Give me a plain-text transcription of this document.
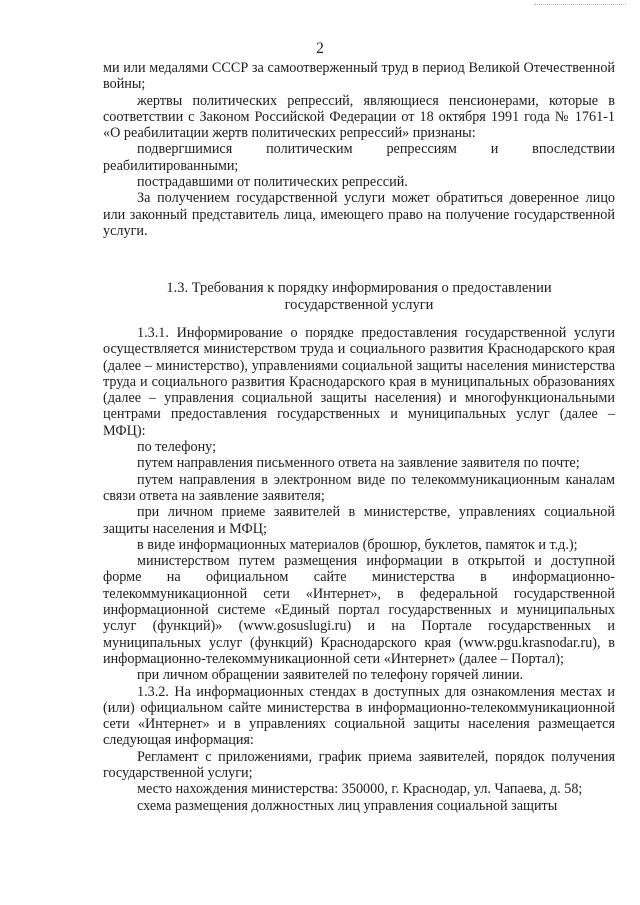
2

ми или медалями СССР за самоотверженный труд в период Великой Отечественной войны;

жертвы политических репрессий, являющиеся пенсионерами, которые в соответствии с Законом Российской Федерации от 18 октября 1991 года № 1761-1 «О реабилитации жертв политических репрессий» признаны:

подвергшимися политическим репрессиям и впоследствии реабилитированными;

пострадавшими от политических репрессий.

За получением государственной услуги может обратиться доверенное лицо или законный представитель лица, имеющего право на получение государственной услуги.

1.3. Требования к порядку информирования о предоставлении
государственной услуги

1.3.1. Информирование о порядке предоставления государственной услуги осуществляется министерством труда и социального развития Краснодарского края (далее – министерство), управлениями социальной защиты населения министерства труда и социального развития Краснодарского края в муниципальных образованиях (далее – управления социальной защиты населения) и многофункциональными центрами предоставления государственных и муниципальных услуг (далее – МФЦ):

по телефону;

путем направления письменного ответа на заявление заявителя по почте;

путем направления в электронном виде по телекоммуникационным каналам связи ответа на заявление заявителя;

при личном приеме заявителей в министерстве, управлениях социальной защиты населения и МФЦ;

в виде информационных материалов (брошюр, буклетов, памяток и т.д.);

министерством путем размещения информации в открытой и доступной форме на официальном сайте министерства в информационно-телекоммуникационной сети «Интернет», в федеральной государственной информационной системе «Единый портал государственных и муниципальных услуг (функций)» (www.gosuslugi.ru) и на Портале государственных и муниципальных услуг (функций) Краснодарского края (www.pgu.krasnodar.ru), в информационно-телекоммуникационной сети «Интернет» (далее – Портал);

при личном обращении заявителей по телефону горячей линии.

1.3.2. На информационных стендах в доступных для ознакомления местах и (или) официальном сайте министерства в информационно-телекоммуникационной сети «Интернет» и в управлениях социальной защиты населения размещается следующая информация:

Регламент с приложениями, график приема заявителей, порядок получения государственной услуги;

место нахождения министерства: 350000, г. Краснодар, ул. Чапаева, д. 58;

схема размещения должностных лиц управления социальной защиты
